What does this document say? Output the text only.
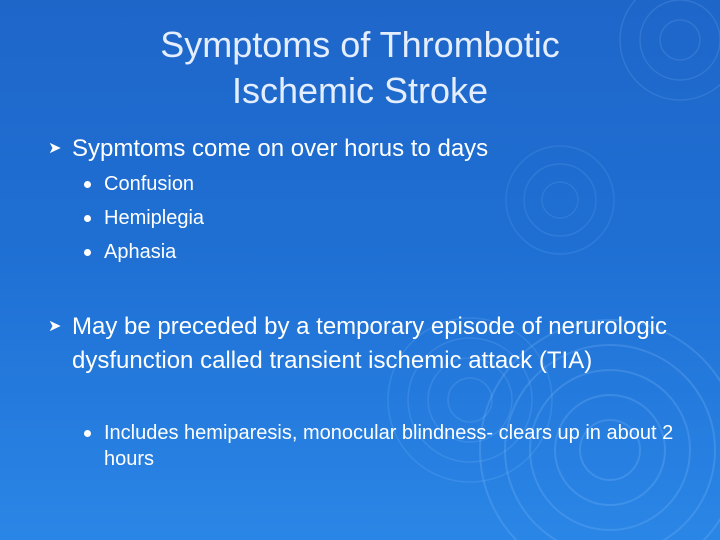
Symptoms of Thrombotic
Ischemic Stroke
➤ Sypmtoms come on over horus to days
Confusion
Hemiplegia
Aphasia
➤ May be preceded by a temporary episode of nerurologic dysfunction called transient ischemic attack (TIA)
Includes hemiparesis, monocular blindness- clears up in about 2 hours
